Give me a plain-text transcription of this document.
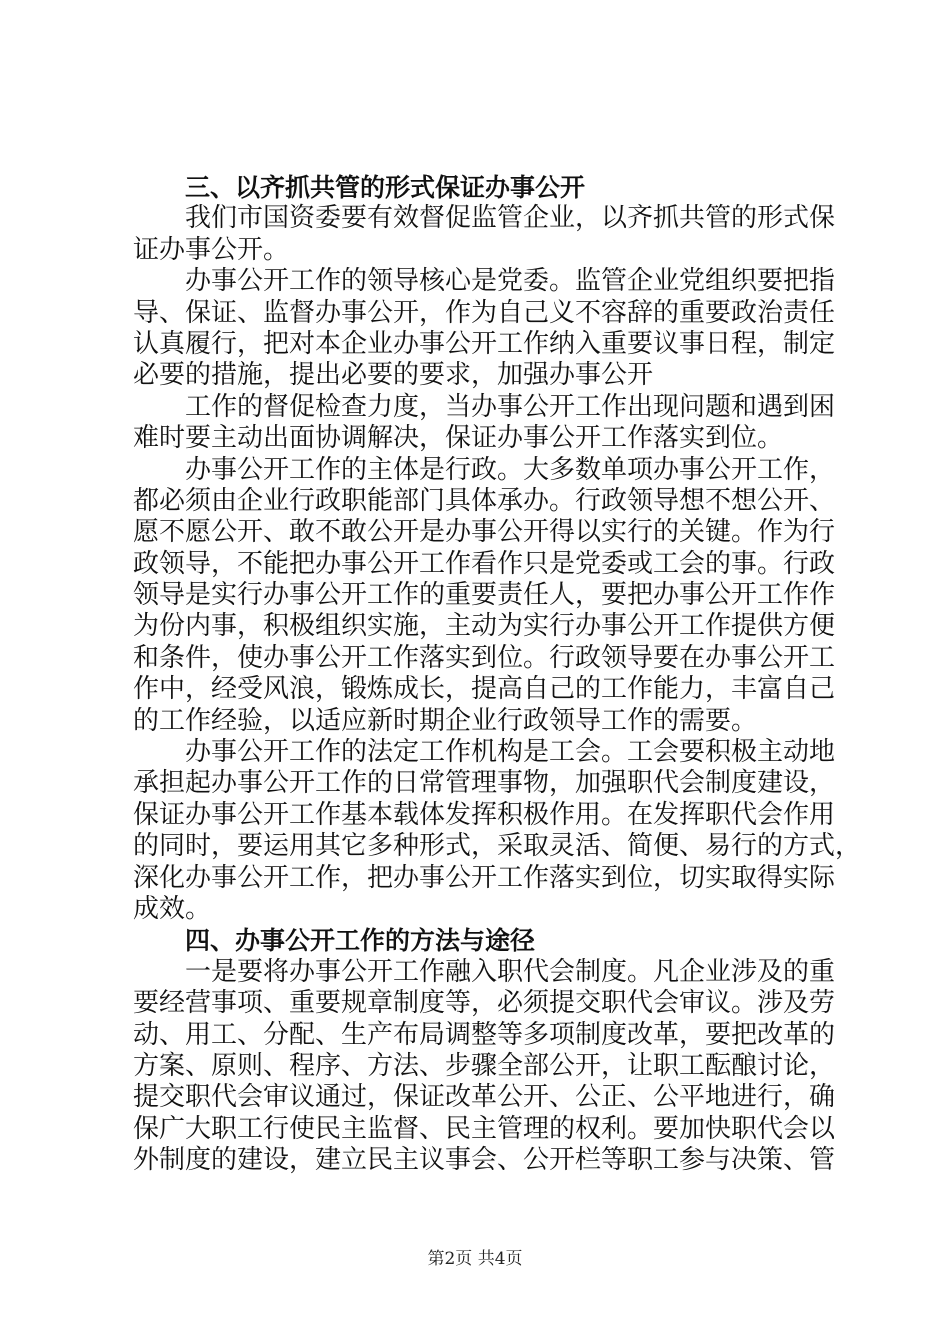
三、以齐抓共管的形式保证办事公开
我们市国资委要有效督促监管企业，以齐抓共管的形式保
证办事公开。
办事公开工作的领导核心是党委。监管企业党组织要把指
导、保证、监督办事公开，作为自己义不容辞的重要政治责任
认真履行，把对本企业办事公开工作纳入重要议事日程，制定
必要的措施，提出必要的要求，加强办事公开
工作的督促检查力度，当办事公开工作出现问题和遇到困
难时要主动出面协调解决，保证办事公开工作落实到位。
办事公开工作的主体是行政。大多数单项办事公开工作，
都必须由企业行政职能部门具体承办。行政领导想不想公开、
愿不愿公开、敢不敢公开是办事公开得以实行的关键。作为行
政领导，不能把办事公开工作看作只是党委或工会的事。行政
领导是实行办事公开工作的重要责任人，要把办事公开工作作
为份内事，积极组织实施，主动为实行办事公开工作提供方便
和条件，使办事公开工作落实到位。行政领导要在办事公开工
作中，经受风浪，锻炼成长，提高自己的工作能力，丰富自己
的工作经验，以适应新时期企业行政领导工作的需要。
办事公开工作的法定工作机构是工会。工会要积极主动地
承担起办事公开工作的日常管理事物，加强职代会制度建设，
保证办事公开工作基本载体发挥积极作用。在发挥职代会作用
的同时，要运用其它多种形式，采取灵活、简便、易行的方式，
深化办事公开工作，把办事公开工作落实到位，切实取得实际
成效。
四、办事公开工作的方法与途径
一是要将办事公开工作融入职代会制度。凡企业涉及的重
要经营事项、重要规章制度等，必须提交职代会审议。涉及劳
动、用工、分配、生产布局调整等多项制度改革，要把改革的
方案、原则、程序、方法、步骤全部公开，让职工酝酿讨论，
提交职代会审议通过，保证改革公开、公正、公平地进行，确
保广大职工行使民主监督、民主管理的权利。要加快职代会以
外制度的建设，建立民主议事会、公开栏等职工参与决策、管
第2页 共4页
